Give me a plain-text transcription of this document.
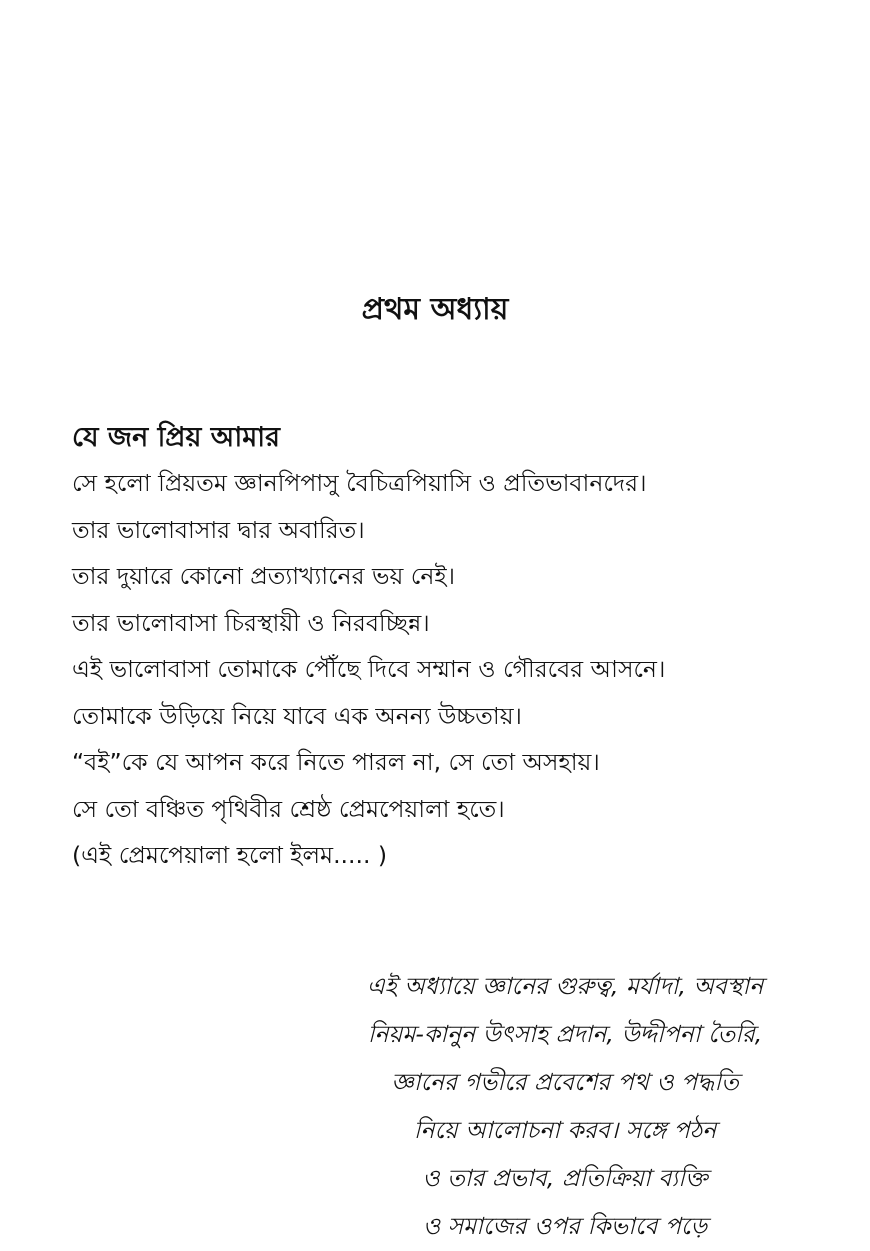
প্রথম অধ্যায়
যে জন প্রিয় আমার
সে হলো প্রিয়তম জ্ঞানপিপাসু বৈচিত্রপিয়াসি ও প্রতিভাবানদের।
তার ভালোবাসার দ্বার অবারিত।
তার দুয়ারে কোনো প্রত্যাখ্যানের ভয় নেই।
তার ভালোবাসা চিরস্থায়ী ও নিরবচ্ছিন্ন।
এই ভালোবাসা তোমাকে পৌঁছে দিবে সম্মান ও গৌরবের আসনে।
তোমাকে উড়িয়ে নিয়ে যাবে এক অনন্য উচ্চতায়।
“বই”কে যে আপন করে নিতে পারল না, সে তো অসহায়।
সে তো বঞ্চিত পৃথিবীর শ্রেষ্ঠ প্রেমপেয়ালা হতে।
(এই প্রেমপেয়ালা হলো ইলম..... )
এই অধ্যায়ে জ্ঞানের গুরুত্ব, মর্যাদা, অবস্থান
নিয়ম-কানুন উৎসাহ প্রদান, উদ্দীপনা তৈরি,
জ্ঞানের গভীরে প্রবেশের পথ ও পদ্ধতি
নিয়ে আলোচনা করব। সঙ্গে পঠন
ও তার প্রভাব, প্রতিক্রিয়া ব্যক্তি
ও সমাজের ওপর কিভাবে পড়ে
